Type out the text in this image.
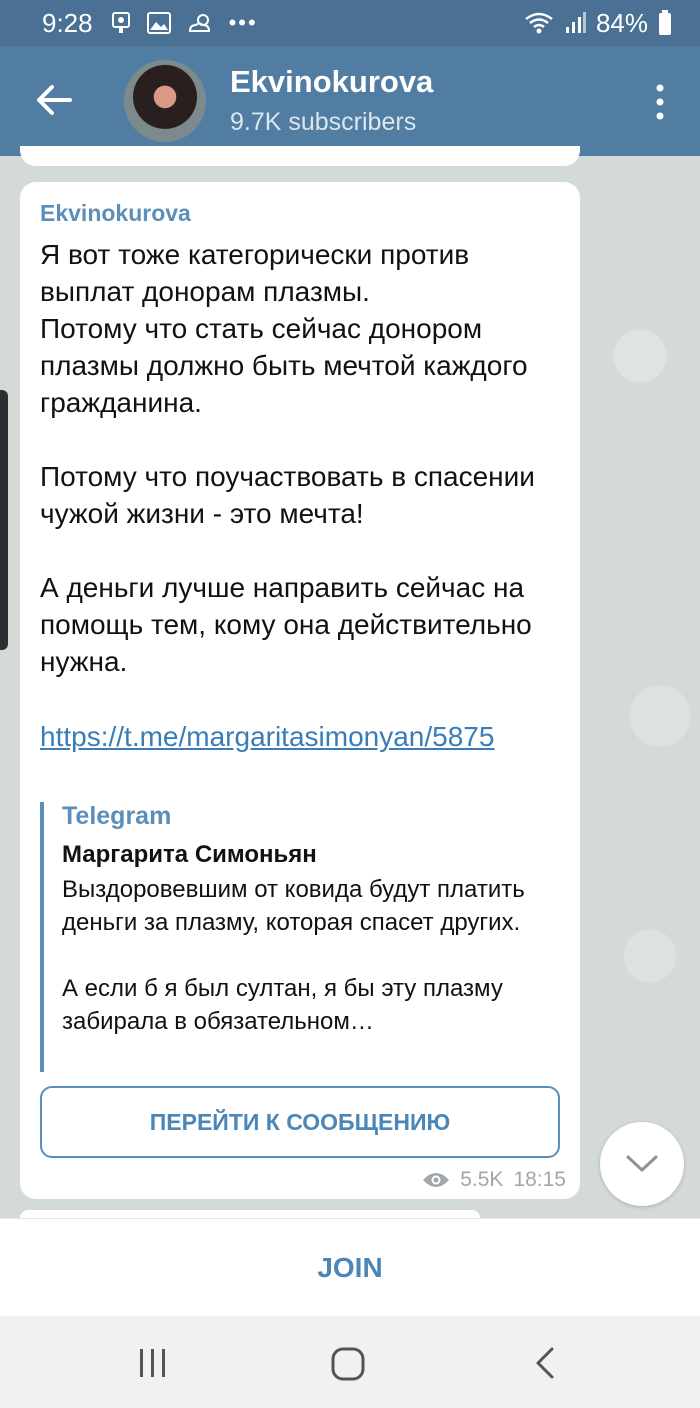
9:28	•••	84%
Ekvinokurova
9.7K subscribers
Ekvinokurova
Я вот тоже категорически против выплат донорам плазмы.
Потому что стать сейчас донором плазмы должно быть мечтой каждого гражданина.

Потому что поучаствовать в спасении чужой жизни - это мечта!

А деньги лучше направить сейчас на помощь тем, кому она действительно нужна.
https://t.me/margaritasimonyan/5875
Telegram
Маргарита Симоньян
Выздоровевшим от ковида будут платить деньги за плазму, которая спасет других.

А если б я был султан, я бы эту плазму забирала в обязательном…
ПЕРЕЙТИ К СООБЩЕНИЮ
5.5K 18:15
JOIN
